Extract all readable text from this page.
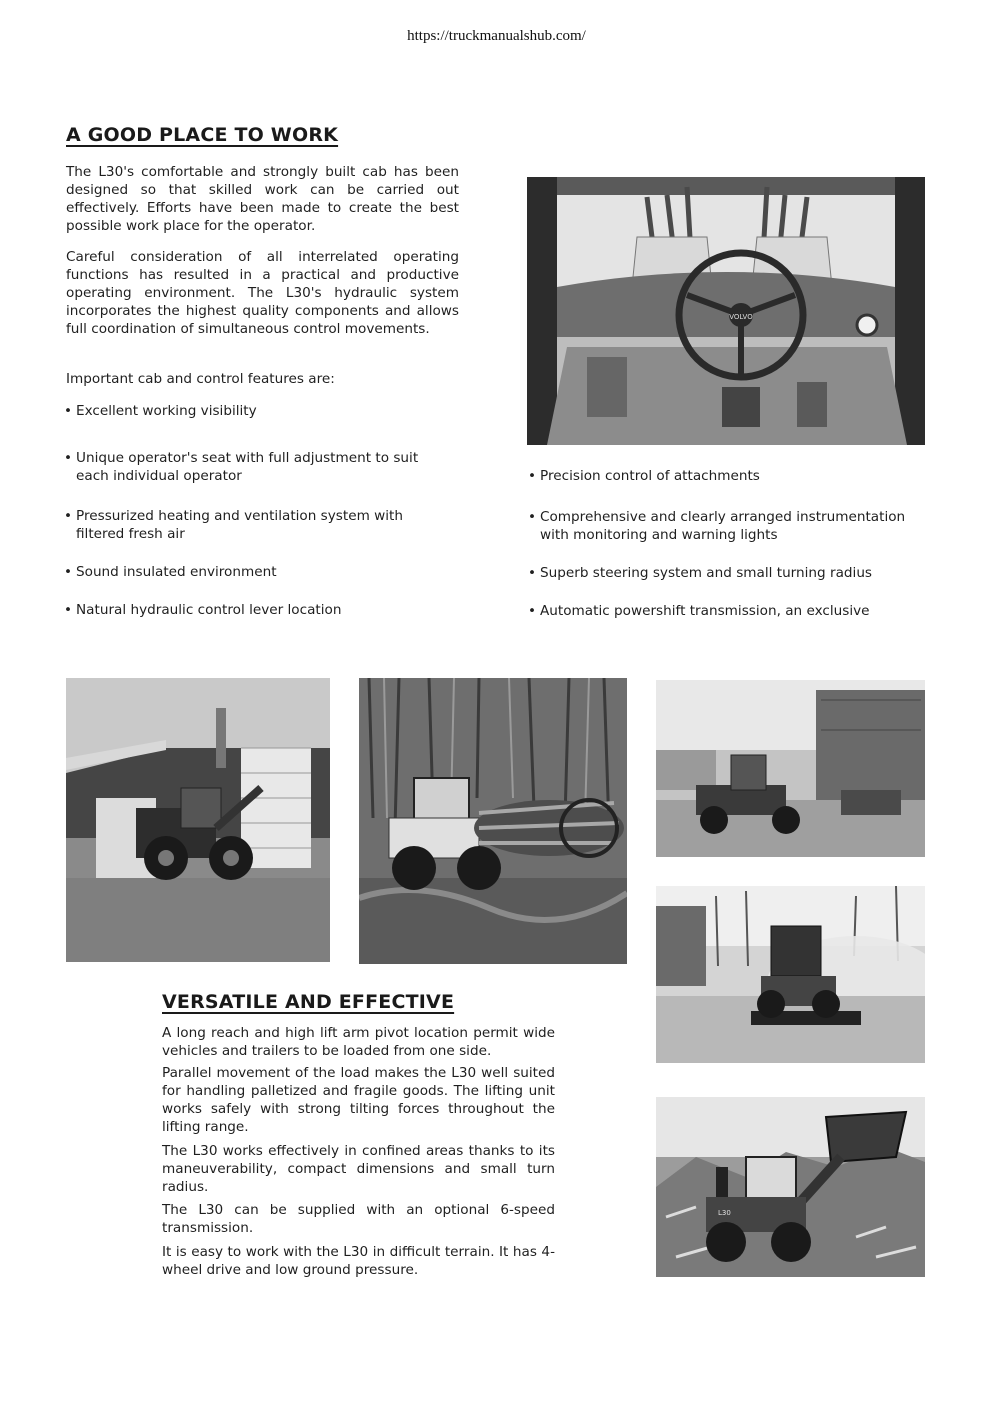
https://truckmanualshub.com/
A GOOD PLACE TO WORK

The L30's comfortable and strongly built cab has been designed so that skilled work can be carried out effectively. Efforts have been made to create the best possible work place for the operator.

Careful consideration of all interrelated operating functions has resulted in a practical and productive operating environment. The L30's hydraulic system incorporates the highest quality components and allows full coordination of simultaneous control movements.

Important cab and control features are:

• Excellent working visibility
• Unique operator's seat with full adjustment to suit each individual operator
• Pressurized heating and ventilation system with filtered fresh air
• Sound insulated environment
• Natural hydraulic control lever location
• Precision control of attachments
• Comprehensive and clearly arranged instrumentation with monitoring and warning lights
• Superb steering system and small turning radius
• Automatic powershift transmission, an exclusive
VOLVO
L30
VERSATILE AND EFFECTIVE

A long reach and high lift arm pivot location permit wide vehicles and trailers to be loaded from one side.

Parallel movement of the load makes the L30 well suited for handling palletized and fragile goods. The lifting unit works safely with strong tilting forces throughout the lifting range.

The L30 works effectively in confined areas thanks to its maneuverability, compact dimensions and small turn radius.

The L30 can be supplied with an optional 6-speed transmission.

It is easy to work with the L30 in difficult terrain. It has 4-wheel drive and low ground pressure.
